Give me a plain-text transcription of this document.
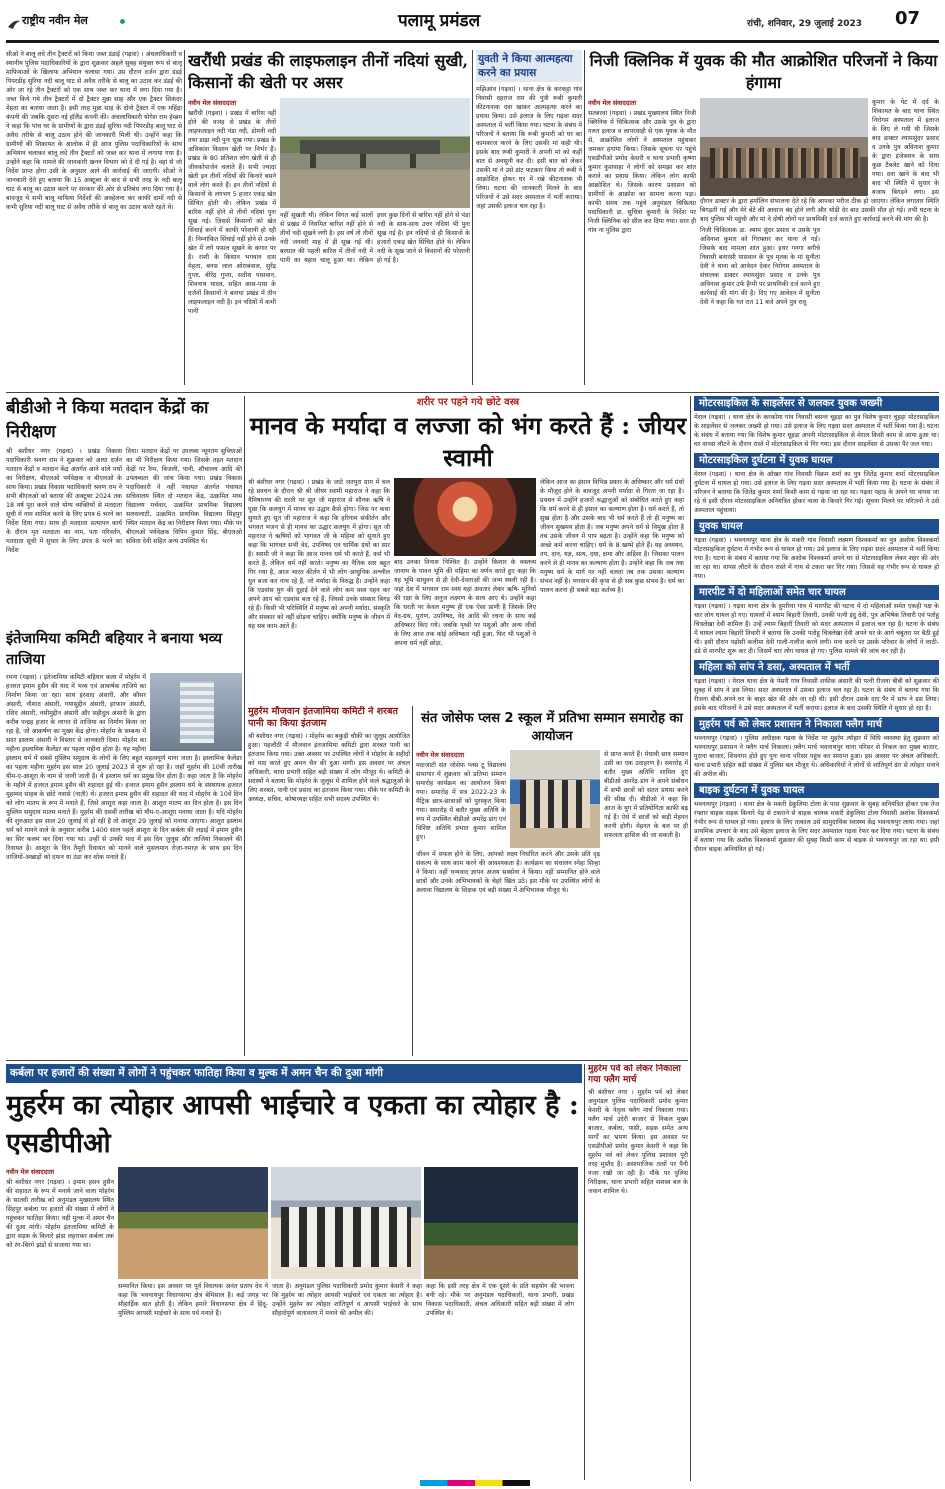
राष्ट्रीय नवीन मेल	पलामू प्रमंडल	रांची, शनिवार, 29 जुलाई 2023 07
सीओ ने बालू लदे तीन ट्रैक्टरों को किया जब्त डंडाई (गढ़वा) । अंचलाधिकारी व स्थानीय पुलिस पदाधिकारियों के द्वारा शुक्रवार अहले सुबह संयुक्त रूप से बालू माफियाओं के खिलाफ अभियान चलाया गया। उस दौरान दर्जन द्वारा डंडई पिपरडीह सुरिया नदी बालू घाट से अवैध तरीके से बालू का उठाव कर डंडई की ओर जा रहे तीन ट्रैक्टरों को एक साथ जब्त कर थाना में लगा दिया गया है। जब्त किये गये तीन ट्रैक्टरों में दो ट्रैक्टर मुन्ना साह और एक ट्रैक्टर सिकंदर मेहता का बताया जाता है। इसी तरह मुन्ना साह के दोनो ट्रैक्टर में एक महिंद्रा कंपनी की जबकि दूसरा नई हॉलैंड कंपनी की। अंचलाधिकारी योगेश राम हेम्ब्रम ने कहा कि पांच घर के ग्रामीणों के द्वारा डंडई सुरिया नदी पिपरडीह बालू घाट से अवैध तरीके से बालू उठाव होने की जानकारी मिली थी। उन्होंने कहा कि ग्रामीणों की शिकायत के आलोक में ही आज पुलिस पदाधिकारियों के साथ अभियान चलाकर बालू लदे तीन ट्रैक्टरों को जब्त कर थाना में लगाया गया है। उन्होंने कहा कि मामले की जानकारी खनन विभाग को दे दी गई है। वहां से जो निर्देश प्राप्त होगा उसी के अनुसार आगे की कार्रवाई की जाएगी। सीओ ने जानकारी देते हुए बताया कि 15 अक्टूबर के बाद से सभी तरह के नदी बालू घाट से बालू का उठाव करने पर सरकार की ओर से प्रतिबंध लगा दिया गया है। बावजूद ये सभी बालू माफिया निर्देशों की अवहेलना कर काफी दामों नदी से कभी सुरिया नदी बालू घाट से अवैध तरीके से बालू का उठाव करते रहते थे।
खरौंधी प्रखंड की लाइफलाइन तीनों नदियां सुखी, किसानों की खेती पर असर
नवीन मेल संवाददाता
खरौंधी (गढ़वा) । प्रखंड में बारिश नहीं होने की वजह से प्रखंड के तीनों लाइफलाइन नदी पंडा नदी, डोमनी नदी तथा डाढ़ा नदी पुनः सूख गया। प्रखंड के अधिकांश किसान खेती पर निर्भर हैं। प्रखंड के 80 प्रतिशत लोग खेती से ही जीवकोपार्जन चलाते हैं। सभी ज्यादा खेती इन तीनों नदियों की किनारे बसने वाले लोग करते हैं। इन तीनों नदियों से किसानों के लगभग 5 हजार एकड़ खेत सिंचित होती थी। लेकिन प्रखंड में बारिश नहीं होने से तीनों नदियां पुनः सूख गई। जिससे किसानों को खेत सिंचाई करने में काफी परेशानी हो रही है। निम्नांकित सिंचाई नहीं होने से उनके खेत में लगे फसल सूखने के कगार पर है। राशी के किसान भगवान दास मेहता, बनस लाल ओराबंवाल, सुरेंद्र गुप्ता, बीरेंद्र गुप्ता, सतीश पासवान, शिवनाथ यादव, सहित आस-पास के दर्जनों किसानों ने बताया प्रखंड में तीन लाइफलाइन नदी है। इन नदियों में कभी पानी
नहीं सूखती थी। लेकिन विगत कई सालों से प्रखंड में नियमित बारिश नहीं होने से तीनों नदी सूखने लगी है। इस वर्ष तो तीनों नदी जनवरी माह में ही सूख गई थी। बरसात की पहली बारिश में तीनों नदी में पानी का बहाव चालू हुआ था। लेकिन इधर कुछ दिनों से बारिश नहीं होने से पंडा नदी के साथ-साथ उत्तर नदियां भी पुनः सूख गई है। इन नदियों से ही किसानों के हजारों एकड़ खेत सिंचित होते थे। लेकिन नदी के सूख जाने से किसानों की परेशानी हो गई है।
युवती ने किया आत्महत्या करने का प्रयास
मझिआंव (गढ़वा) । थाना क्षेत्र के करकट्टा गांव निवासी दहराज राम की पुत्री रूबी कुमारी कीटनाशक दवा खाकर आत्महत्या करने का प्रयास किया। उसे इलाज के लिए गढ़वा सदर अस्पताल में भर्ती किया गया। घटना के संबंध में परिजनों ने बताया कि रूबी कुमारी को घर का कामकाज करने के लिए उसकी मां कही थी। इसके बाद रूबी कुमारी ने अपनी मां को कहीं बात से अनसुनी कर दी। इसी बात को लेकर उसकी मां ने उसे डांट फटकार किया तो रूबी ने आक्रोशित होकर घर में रखे कीटनाशक पी लिया। घटना की जानकारी मिलने के बाद परिजनों ने उसे सदर अस्पताल में भर्ती कराया। जहां उसकी इलाज चल रहा है।
निजी क्लिनिक में युवक की मौत आक्रोशित परिजनों ने किया हंगामा
नवीन मेल संवाददाता
सतबरवा (गढ़वा) । प्रखंड मुख्यालय स्थित निजी क्लिनिक में चिकित्सक और उसके पुत्र के द्वारा गलत इलाज व लापरवाही से एक युवक के मौत से, आक्रोशित लोगों ने अस्पताल पहुंचकर जमकर हंगामा किया। जिसके सूचना पर पहुंचे एसडीपीओ प्रमोद केसरी व थाना प्रभारी कृष्णा कुमार कुशवाहा ने लोगों को समझा कर शांत कराने का प्रयास किया। लेकिन लोग काफी आक्रोशित थे। जिसके कारण प्रशासन को ग्रामीणों के आक्रोश का सामना करना पड़ा। काफी समय तक पहुंचे अनुमंडल चिकित्सा पदाधिकारी डा. सुचित्रा कुमारी के निर्देश पर निजी क्लिनिक को सील कर दिया गया। सात ही गांव ना पुलिस द्वारा
कुमार के पेट में दर्द के शिकायत के बाद थाना स्थित निरोगम अस्पताल में इलाज के लिए ले गयी थी जिसके बाद डाक्टर श्यामसुंदर प्रसाद व उनके पुत्र अविनाश कुमार के द्वारा इंजेक्शन के साथ कुछ टैबलेट खाने को दिया गया। दवा खाने के बाद भी बाद भी स्थिति में सुधार के बजाय बिगड़ने लगा। इस दौरान डाक्टर के द्वारा हर्मालिन संभालना देते रहे कि आपका मरीज ठीक हो जाएगा। लेकिन लगातार स्थिति बिगड़ती गई और मेरे बेटे की आवाज बंद होने लगी और थोड़ी देर बाद उसकी मौत हो गई। तभी घटना के बाद पुलिस भी पहुंची और मां ने दोषी लोगों पर प्राथमिकी दर्ज कराते हुए कार्रवाई करने की मांग की है।
निजी चिकित्सक डा. श्याम सुंदर प्रसाद व उसके पुत्र अविनाश कुमार को गिरफ्तार कर थाना ले गई। जिसके बाद मामला शांत हुआ। इधर गनगा बगीचे निवासी बनारसी पासवान के पुत्र मृतक के मां सुनीता देवी ने थाना को आवेदन देकर निरोगम अस्पताल के संचालक डाक्टर श्यामसुंदर प्रसाद व उनके पुत्र अविनाश कुमार उर्फ हैप्पी पर प्राथमिकी दर्ज करने हुए कार्रवाई की मांग की है। दिए गए आवेदन में सुनीता देवी ने कहा कि गत रात 11 बजे अपने पुत्र रावू
बीडीओ ने किया मतदान केंद्रों का निरीक्षण
श्री बंशीधर नगर (गढ़वा) । प्रखंड विकास पदाधिकारी श्रवण राम ने शुक्रवार को आधा दर्जन मतदान केंद्रों व मतदान केंद्र अंतर्गत आने वाले पथों का निरीक्षण, बीएलओ पर्यवेक्षक व बीएलओ के साथ किया। प्रखंड विकास पदाधिकारी श्रवण राम ने सभी बीएलओ को बताया की अक्टूबर 2024 तक 18 वर्ष पूरा करने वाले योग्य व्यक्तियों से मतदाता सूची में नाम शामिल करने के लिए प्रपत्र 6 भरने का निर्देश दिया गया। साथ ही मतदाता सत्यापन कार्य के दौरान मृत मतदाता का नाम, पता परिवर्तन, मतदाता सूची में सुधार के लिए प्रपत्र 8 भरने का निर्देश
दिया। मतदान केंद्रों पर उपलब्ध न्यूनतम सुविधाओं का भी निरीक्षण किया गया। जिसके तहत मतदान केंद्रों पर रैम्प, बिजली, पानी, शौचालय आदि की उपलब्धता की जांच किया गया। प्रखंड विकास पदाधिकारी ने नहीं पंचायत अंतर्गत पंचायत सचिवालय स्थित दो मतदान केंद्र, उत्क्रमित मध्य विद्यालय मर्चवार, उत्क्रमित प्राथमिक विद्यालय सलसलाटी, उत्क्रमित प्राथमिक विद्यालय सिंहपुर स्थित मतदान केंद्र का निरीक्षण किया गया। मौके पर बीएलओ पर्यवेक्षक विपिन कुमार सिंह, बीएलओ सविता देवी सहित अन्य उपस्थित थे।
इंतेजामिया कमिटी बहियार ने बनाया भव्य ताजिया
रमना (गढ़वा) । इंतेजामिया कमिटी बहियार कला में मोहर्रम में हजरत इमाम हुसैन की याद में भव्य एवं आकर्षक ताजिये का निर्माण किया जा रहा। साथ इरशाद अंसारी, और कौसर अंसारी, नौशाद अंसारी, गयासुद्दीन अंसारी, इरफान अंसारी, रशिद अंसारी, नसीमुद्दीन अंसारी और सहीदुल अंसारी के द्वारा करीब पन्द्रह हजार के लागत से ताजिया का निर्माण किया जा रहा है, जो आकर्षण का मुख्य केंद्र होगा। मोहर्रम के सम्बन्ध में सदर इस्लाम अंसारी ने विस्तार से जानकारी दिया। मोहर्रम का महीना इस्लामिक कैलेंडर का पहला महीना होता है। यह महीना इस्लाम धर्म में सबसे मुस्लिम समुदाय के लोगों के लिए बहुत महत्वपूर्ण माना जाता है। इस्लामिक कैलेंडर का पहला महीना मुहर्रम इस साल 20 जुलाई 2023 से शुरू हो रहा है। जहाँ मुहर्रम की 10वीं तारीख यौम-ए-आशूरा के नाम से जानी जाती है। ये इस्लाम धर्म का प्रमुख दिन होता है। कहा जाता है कि मोहर्रम के महीने में हजरत इमाम हुसैन की शहादत हुई थी। हजरत इमाम हुसैन इस्लाम धर्म के संस्थापक हजरत मुहम्मद साहब के छोटे नवासे (नाती) थे। हजरत इमाम हुसैन की शहादत की याद में मोहर्रम के 10वें दिन को लोग मातम के रूप में मनाते हैं, जिसे आशूरा कहा जाता है। आशूरा मातम का दिन होता है। इस दिन मुस्लिम समुदाय मातम मनाते हैं। मुहर्रम की दसवीं तारीख को यौम-ए-आशूरा मनाया जाता है। यदि मोहर्रम की शुरुआत इस साल 20 जुलाई से हो रही है तो आशूरा 29 जुलाई को मनाया जाएगा। आशूरा इस्लाम धर्म को मानने वाले के अनुसार करीब 1400 साल पहले आशूरा के दिन कर्बला की लड़ाई में इमाम हुसैन का सिर कलम कर दिया गया था। उन्हीं से उनकी याद में इस दिन जुलूस और ताजिया निकालने की रिवायत है। आशूरा के दिन तैमूरी रिवायत को मानने वाले मुसलमान रोज़ा-नमाज़ के साथ इस दिन ताजियों-अखाड़ों को दफन या ठंडा कर शोक मनाते हैं।
शरीर पर पहने गये छोटे वस्त्र
मानव के मर्यादा व लज्जा को भंग करते हैं : जीयर स्वामी
श्री बंशीधर नगर (गढ़वा) । प्रखंड के जाटे जतपुरा ग्राम में चल रहे प्रवचन के दौरान श्री श्री जीयर स्वामी महाराज ने कहा कि नैमिषारण्य की धरती पर सूत जी महाराज से शौनक ऋषि ने पूछा कि कलयुग में मानव का उद्धार कैसे होगा। जिस पर कथा सुनाते हुए सूत जी महाराज ने कहा कि हरिनाम संकीर्तन और भगवत भजन से ही मानव का उद्धार कलयुग में होगा। सूत जी महाराज ने ऋषियों को भागवत जी के महिमा को सुनाते हुए कहा कि भागवत सभी वेद, उपनिषद एवं धार्मिक ग्रंथों का सार है। स्वामी जी ने कहा कि आज मानव धर्म भी करते हैं, कर्म भी करते हैं, लेकिन धर्म नहीं करते। मनुष्य का नैतिक स्तर बहुत गिर गया है, आज भारत कीर्तन में भी लोग आधुनिक अश्लील धुन बजा कर नाच रहे हैं, जो मर्यादा के विरुद्ध है। उन्होंने कहा कि एडवांस युग की दुहाई देने वाले लोग कम वस्त्र पहन कर अपने आप को एडवांस बता रहे हैं, जिससे उनके संस्कार बिगड़ रहे हैं। किसी भी परिस्थिति में मनुष्य को अपनी मर्यादा, संस्कृति और संस्कार को नहीं छोड़ना चाहिए। क्योंकि मनुष्य के जीवन में यह सब काम आते हैं।
बाद उनका विनाश निश्चित है। उन्होंने किशार के वक्तव्य जानाय के पावन भूमि की महिमा का वर्णन करते हुए कहा कि यह भूमि साधुवन से ही देवी-देवताओं की जन्म स्थली रही है। जहां देश में भगवान राम स्वयं यहां अवतार लेकर ऋषि- मुनियों की रक्षा के लिए अनुज लक्ष्मण के साथ आए थे। उन्होंने कहा कि धरती पर केवल मनुष्य ही एक ऐसा प्राणी है जिसके लिए वेद-ग्रंथ, पुराण, उपनिषद, वेद आदि की रचना के साथ कई अविष्कार किए गये। जबकि पृथ्वी पर पशुओं और अन्य जीवों के लिए आज तक कोई अविष्कार नहीं हुआ, फिर भी पशुओं ने अपना धर्म नहीं छोड़ा,
लेकिन आज का इंसान विभिन्न प्रकार के अविष्कार और धर्म ग्रंथों के मौजूद होने के बावजूद अपनी मर्यादा से गिरता जा रहा है। प्रवचन में उन्होंने हजारों श्रद्धालुओं को संबोधित करते हुए कहा कि धर्म करने से ही इंसान का कल्याण होता है। धर्म करते हैं, तो सुख होता है और उसके बाद भी धर्म करते हैं तो ही मनुष्य का जीवन सुखमय होता है। जब मनुष्य अपने धर्म से विमुख होता है तब उसके जीवन में पाप बढ़ता है। उन्होंने कहा कि मनुष्य को अच्छे कर्म करना चाहिए। धर्म के 8 खम्भे होते हैं। यह अध्ययन, तप, दान, यज्ञ, सत्य, दया, क्षमा और अहिंसा है। जिसका पालन करने से ही मानव का कल्याण होता है। उन्होंने कहा कि जब तक मनुष्य धर्म के मार्ग पर नहीं चलता तब तक उसका कल्याण संभव नहीं है। भगवान की कृपा से ही सब कुछ संभव है। धर्म का पालन करना ही सबसे बड़ा कर्तव्य है।
मुहर्रम मौजवान इंतजामिया कमिटी ने शरबत पानी का किया इंतजाम
श्री बंशीधर नगर (गढ़वा) । मोहर्रम का बकुड़ी चौकी का जुलूस आयोजित हुआ। पहलौठी में मौजवान इंतजामिया कमिटी द्वारा शरबत पानी का इंतजाम किया गया। उक्त अवसर पर उपस्थित लोगों ने मोहर्रम के शहीदों को याद करते हुए अमन चैन की दुआ मांगी। इस अवसर पर अंचल अधिकारी, थाना प्रभारी सहित बड़ी संख्या में लोग मौजूद थे। कमिटी के सदस्यों ने बताया कि मोहर्रम के जुलूस में शामिल होने वाले श्रद्धालुओं के लिए शरबत, पानी एवं प्रसाद का इंतजाम किया गया। मौके पर कमिटी के अध्यक्ष, सचिव, कोषाध्यक्ष सहित सभी सदस्य उपस्थित थे।
संत जोसेफ प्लस 2 स्कूल में प्रतिभा सम्मान समारोह का आयोजन
नवीन मेल संवाददाता
मदाजाटी संत जोसेफ प्लस टू विद्यालय सभागार में शुक्रवार को प्रतिभा सम्मान समारोह कार्यक्रम का आयोजन किया गया। समारोह में सत्र 2022-23 के मैट्रिक छात्र-छात्राओं को पुरस्कृत किया गया। समारोह में बतौर मुख्य अतिथि के रूप में उपस्थित बीडीओ अमरेंद्र डांग एवं विशिष्ट अतिथि प्रभात कुमार शामिल हुए।
जीवन में सफल होने के लिए, आपको लक्ष्य निर्धारित करने और उसके प्रति दृढ़ संकल्प के साथ काम करने की आवश्यकता है। कार्यक्रम का संचालन स्नेहा सिन्हा ने किया। वहीं धन्यवाद ज्ञापन अजय सक्सेना ने किया। वहीं सम्मानित होने वाले छात्रों और उनके अभिभावकों के चेहरे खिल उठे। इस मौके पर उपस्थित लोगों के अलावा विद्यालय के शिक्षक एवं बड़ी संख्या में अभिभावक मौजूद थे।
से प्राप्त करते हैं। मेधावी छात्र सम्मान उसी का एक उदाहरण है। समारोह में बतौर मुख्य अतिथि शामिल हुए बीडीओ अमरेंद्र डांग ने अपने संबोधन में सभी छात्रों को सतत प्रयास करने की सीख दी। बीडीओ ने कहा कि आज के युग में प्रतियोगिता काफी बढ़ गई है। ऐसे में छात्रों को कड़ी मेहनत करनी होगी। मेहनत के बल पर ही सफलता हासिल की जा सकती है।
मोटरसाइकिल के साइलेंसर से जलकर युवक जख्मी
मेराल (गढ़वा) । थाना क्षेत्र के करकोमा गांव निवासी बसन्त चूहड़ा का पुत्र विशेष कुमार चूहड़ा मोटरसाइकिल के साइलेंसर से जलकर जख्मी हो गया। उसे इलाज के लिए गढ़वा सदर अस्पताल में भर्ती किया गया है। घटना के संबंध में बताया गया कि विशेष कुमार चूहड़ा अपनी मोटरसाइकिल से मेराल किसी काम से आया हुआ था। घर वापस लौटने के दौरान रास्ते में मोटरसाइकिल से गिर गया। इस दौरान साइलेंसर से उसका पैर जल गया।
मोटरसाइकिल दुर्घटना में युवक घायल
मेराल (गढ़वा) । थाना क्षेत्र के ओखर गांव निवासी विक्रम शर्मा का पुत्र जितेंद्र कुमार शर्मा मोटरसाइकिल दुर्घटना में घायल हो गया। उसे इलाज के लिए गढ़वा सदर अस्पताल में भर्ती किया गया है। घटना के संबंध में परिजन ने बताया कि जितेंद्र कुमार शर्मा किसी काम से गढ़वा जा रहा था। गढ़वा पहाड़ के अपने घर वापस जा रहे थे इसी दौरान मोटरसाइकिल अनियंत्रित होकर नाला के किनारे गिर गई। सूचना मिलने पर परिजनों ने उसे अस्पताल पहुंचाया।
युवक घायल
गढ़वा (गढ़वा) । भवनाथपुर थाना क्षेत्र के मकरी गांव निवासी लक्ष्मण विश्वकर्मा का पुत्र अशोक विश्वकर्मा मोटरसाइकिल दुर्घटना में गंभीर रूप से घायल हो गया। उसे इलाज के लिए गढ़वा सदर अस्पताल में भर्ती किया गया है। घटना के संबंध में बताया गया कि अशोक विश्वकर्मा अपने घर से मोटरसाइकिल लेकर शहर की ओर जा रहा था। वापस लौटने के दौरान रास्ते में गाय से टकरा कर गिर गया। जिससे वह गंभीर रूप से घायल हो गया।
मारपीट में दो महिलाओं समेत चार घायल
गढ़वा (गढ़वा) । गढ़वा थाना क्षेत्र के दुमरिया गांव में मारपीट की घटना में दो महिलाओं समेत एकही पक्ष के चार लोग घायल हो गए। घायलों में श्याम बिहारी तिवारी, उनकी पत्नी इंदु देवी, पुत्र अभिषेक तिवारी एवं पतोहू चित्रलेखा देवी शामिल हैं। उन्हें श्याम बिहारी तिवारी को सदर अस्पताल में इलाज चल रहा है। घटना के संबंध में घायल श्याम बिहारी तिवारी ने बताया कि उनकी पतोहू चित्रलेखा देवी अपने घर के आगे चबूतरा पर बैठी हुई थी। इसी दौरान पड़ोसी कलीमा देवी गाली-गलौज करने लगी। मना करने पर उसके परिवार के लोगों ने लाठी-डंडे से मारपीट शुरू कर दी। जिसमें चार लोग घायल हो गए। पुलिस मामले की जांच कर रही है।
महिला को सांप ने डसा, अस्पताल में भर्ती
गढ़वा (गढ़वा) । मेराल थाना क्षेत्र के पेसरी गांव निवासी शफीक अंसारी की पत्नी रीजना बीबी को शुक्रवार की सुबह में सांप ने डस लिया। सदर अस्पताल में उसका इलाज चल रहा है। घटना के संबंध में बताया गया कि रीजना बीबी अपने घर के बाहर खेत की ओर जा रही थी। इसी दौरान उसके दाए पैर में सांप ने डस लिया। इसके बाद परिजनों ने उसे सदर अस्पताल में भर्ती कराया। इलाज के बाद उसकी स्थिति में सुधार हो रहा है।
मुहर्रम पर्व को लेकर प्रशासन ने निकाला फ्लैग मार्च
भवनाथपुर (गढ़वा) । पुलिस अधीक्षक गढ़वा के निर्देश पर मुहर्रम त्योहार में विधि व्यवस्था हेतु शुक्रवार को भवनाथपुर प्रशासन ने फ्लैग मार्च निकाला। फ्लैग मार्च भवनाथपुर थाना परिसर से निकल कर मुख्य बाजार, पुराना बाजार, शिवनगर होते हुए पुनः थाना परिसर पहुंच कर समाप्त हुआ। इस अवसर पर अंचल अधिकारी, थाना प्रभारी सहित बड़ी संख्या में पुलिस बल मौजूद थे। अधिकारियों ने लोगों से शांतिपूर्ण ढंग से त्योहार मनाने की अपील की।
बाइक दुर्घटना में युवक घायल
भवनाथपुर (गढ़वा) । थाना क्षेत्र के मकरी डेकुलिया टोला के पास शुक्रवार के सुबह अनियंत्रित होकर एक तेज रफ्तार बाइक सड़क किनारे पेड़ से टकराने से बाइक चालक मकरी डेकुलिया टोला निवासी अशोक विश्वकर्मा गंभीर रूप से घायल हो गया। इलाज के लिए तत्काल उसे सामुदायिक स्वास्थ्य केंद्र भवनाथपुर लाया गया। जहां प्राथमिक उपचार के बाद उसे बेहतर इलाज के लिए सदर अस्पताल गढ़वा रेफर कर दिया गया। घटना के संबंध में बताया गया कि अशोक विश्वकर्मा शुक्रवार की सुबह किसी काम से बाइक से भवनाथपुर जा रहा था। इसी दौरान बाइक अनियंत्रित हो गई।
कर्बला पर हजारों की संख्या में लोगों ने पहुंचकर फातिहा किया व मुल्क में अमन चैन की दुआ मांगी
मुहर्रम का त्योहार आपसी भाईचारे व एकता का त्योहार है : एसडीपीओ
नवीन मेल संवाददाता
श्री बंशीधर नगर (गढ़वा) । इमाम हसन हुसैन की शहादत के रूप में मनाये जाने वाला मोहर्रम के सातवी तारीख को अनुमंडल मुख्यालय स्थित सिंहपुर कर्बला पर हजारों की संख्या में लोगों ने पहुंचकर फातिहा किया। वहीं मुल्क में अमन चैन की दुआ मांगी। मोहर्रम इंतजामिया कमिटी के द्वारा सड़क के किनारे झंडा लहराकर कर्बला तक को रंग-बिरंगे झंडों से सजाया गया था।
सम्मानित किया। इस अवसर पर पूर्व विधायक अनंत प्रताप देव ने कहा कि भवनाथपुर विधानसभा क्षेत्र बेमिसाल है। कई जगह पर सौहार्द्रिक बात होती है। लेकिन हमारे विधानसभा क्षेत्र में हिंदू-मुस्लिम आपसी भाईचारे के साथ पर्व मनाते हैं।
जाता है। अनुमंडल पुलिस पदाधिकारी प्रमोद कुमार केसरी ने कहा कि मुहर्रम का त्योहार आपसी भाईचारे एवं एकता का त्योहार है। उन्होंने मुहर्रम का त्योहार शांतिपूर्ण व आपसी भाईचारे के साथ सौहार्दपूर्ण वातावरण में मनाने की अपील की।
कहा कि इसी तरह क्षेत्र में एक दूसरे के प्रति सहयोग की भावना बनी रहे। मौके पर अनुमंडल पदाधिकारी, थाना प्रभारी, प्रखंड विकास पदाधिकारी, अंचल अधिकारी सहित बड़ी संख्या में लोग उपस्थित थे।
मुहर्रम पर्व को लेकर निकाला गया फ्लैग मार्च
श्री बंशीधर नगर । मुहर्रम पर्व को लेकर अनुमंडल पुलिस पदाधिकारी प्रमोद कुमार केसरी के नेतृत्व फ्लैग मार्च निकाला गया। फ्लैग मार्च उदेरी बाजार से निकल मुख्य बाजार, कर्बला, पासी, सड़क समेत अन्य मार्गों का भ्रमण किया। इस अवसर पर एसडीपीओ प्रमोद कुमार केसरी ने कहा कि मुहर्रम पर्व को लेकर पुलिस प्रशासन पूरी तरह मुस्तैद है। असामाजिक तत्वों पर पैनी नजर रखी जा रही है। मौके पर पुलिस निरीक्षक, थाना प्रभारी सहित सशस्त्र बल के जवान शामिल थे।
